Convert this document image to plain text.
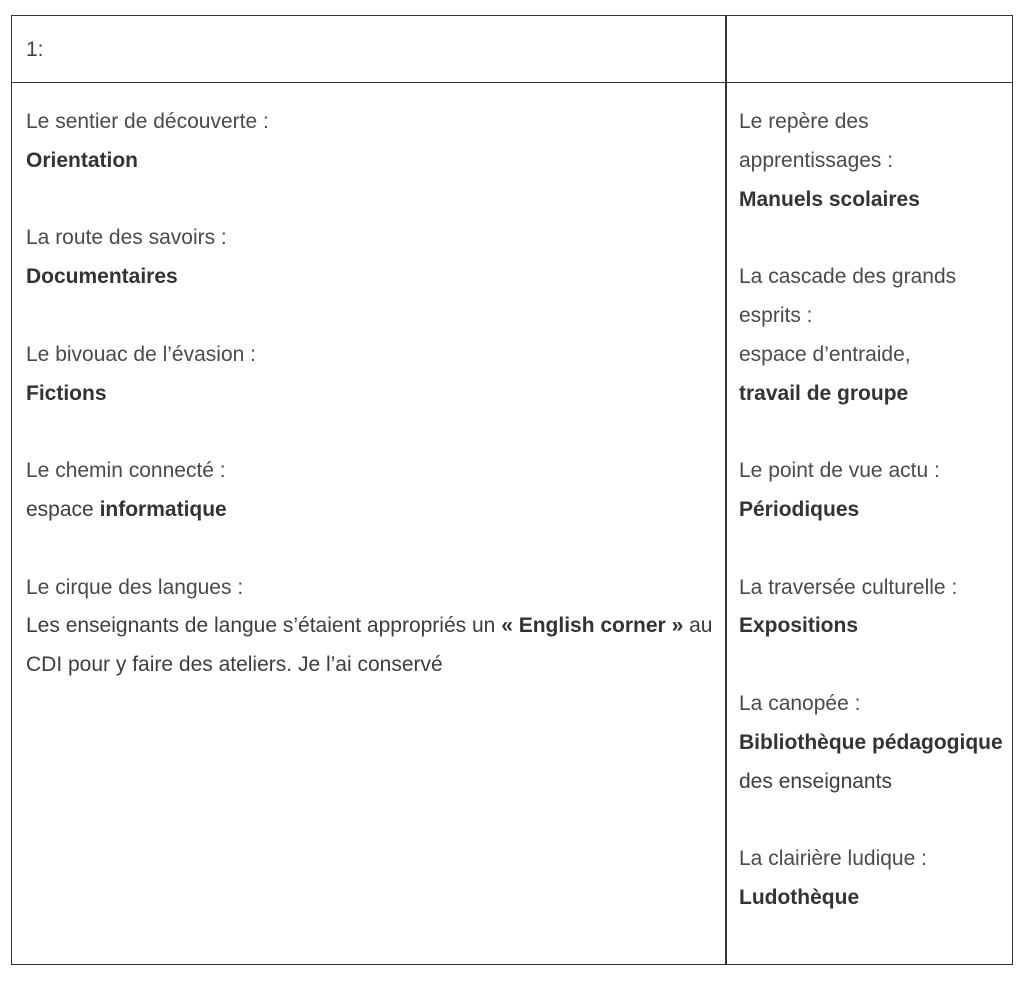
1:
Le sentier de découverte :
Orientation
La route des savoirs :
Documentaires
Le bivouac de l’évasion :
Fictions
Le chemin connecté :
espace informatique
Le cirque des langues :
Les enseignants de langue s’étaient appropriés un « English corner » au CDI pour y faire des ateliers. Je l’ai conservé
Le repère des apprentissages :
Manuels scolaires
La cascade des grands esprits :
espace d’entraide,
travail de groupe
Le point de vue actu :
Périodiques
La traversée culturelle :
Expositions
La canopée :
Bibliothèque pédagogique des enseignants
La clairière ludique :
Ludothèque
